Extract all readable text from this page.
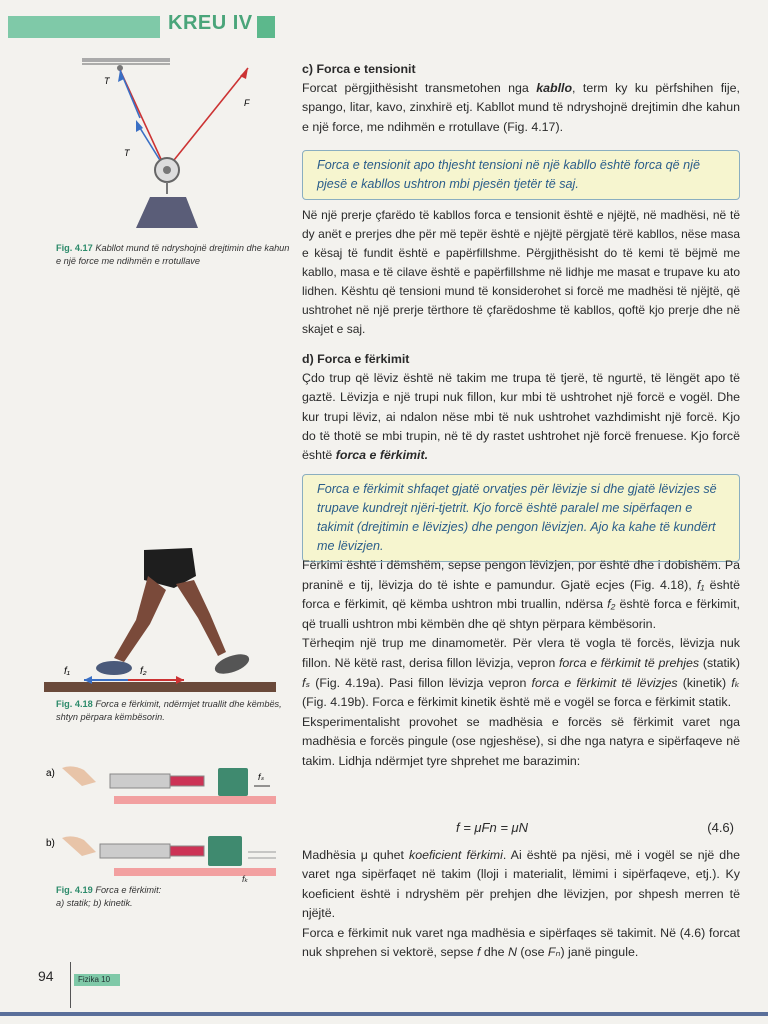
KREU IV
T
T
F
Fig. 4.17 Kabllot mund të ndryshojnë drejtimin dhe kahun e një force me ndihmën e rrotullave
f₁	f₂
Fig. 4.18 Forca e fërkimit, ndërmjet truallit dhe këmbës, shtyn përpara këmbësorin.
a)	fₛ
b)
Fig. 4.19 Forca e fërkimit:
a) statik; b) kinetik.
fₖ
c) Forca e tensionit

Forcat përgjithësisht transmetohen nga kabllo, term ky ku përfshihen fije, spango, litar, kavo, zinxhirë etj. Kabllot mund të ndryshojnë drejtimin dhe kahun e një force, me ndihmën e rrotullave (Fig. 4.17).

Forca e tensionit apo thjesht tensioni në një kabllo është forca që një pjesë e kabllos ushtron mbi pjesën tjetër të saj.
Në një prerje çfarëdo të kabllos forca e tensionit është e njëjtë, në madhësi, në të dy anët e prerjes dhe për më tepër është e njëjtë përgjatë tërë kabllos, nëse masa e kësaj të fundit është e papërfillshme. Përgjithësisht do të kemi të bëjmë me kabllo, masa e të cilave është e papërfillshme në lidhje me masat e trupave ku ato lidhen. Kështu që tensioni mund të konsiderohet si forcë me madhësi të njëjtë, që ushtrohet në një prerje tërthore të çfarëdoshme të kabllos, qoftë kjo prerje dhe në skajet e saj.
d) Forca e fërkimit

Çdo trup që lëviz është në takim me trupa të tjerë, të ngurtë, të lëngët apo të gaztë. Lëvizja e një trupi nuk fillon, kur mbi të ushtrohet një forcë e vogël. Dhe kur trupi lëviz, ai ndalon nëse mbi të nuk ushtrohet vazhdimisht një forcë. Kjo do të thotë se mbi trupin, në të dy rastet ushtrohet një forcë frenuese. Kjo forcë është forca e fërkimit.

Forca e fërkimit shfaqet gjatë orvatjes për lëvizje si dhe gjatë lëvizjes së trupave kundrejt njëri-tjetrit. Kjo forcë është paralel me sipërfaqen e takimit (drejtimin e lëvizjes) dhe pengon lëvizjen. Ajo ka kahe të kundërt me lëvizjen.

Fërkimi është i dëmshëm, sepse pengon lëvizjen, por është dhe i dobishëm. Pa praninë e tij, lëvizja do të ishte e pamundur. Gjatë ecjes (Fig. 4.18), f₁ është forca e fërkimit, që këmba ushtron mbi truallin, ndërsa f₂ është forca e fërkimit, që trualli ushtron mbi këmbën dhe që shtyn përpara këmbësorin.

Tërheqim një trup me dinamometër. Për vlera të vogla të forcës, lëvizja nuk fillon. Në këtë rast, derisa fillon lëvizja, vepron forca e fërkimit të prehjes (statik) fₛ (Fig. 4.19a). Pasi fillon lëvizja vepron forca e fërkimit të lëvizjes (kinetik) fₖ (Fig. 4.19b). Forca e fërkimit kinetik është më e vogël se forca e fërkimit statik.

Eksperimentalisht provohet se madhësia e forcës së fërkimit varet nga madhësia e forcës pingule (ose ngjeshëse), si dhe nga natyra e sipërfaqeve në takim. Lidhja ndërmjet tyre shprehet me barazimin:

f = μFn = μN	(4.6)

Madhësia μ quhet koeficient fërkimi. Ai është pa njësi, më i vogël se një dhe varet nga sipërfaqet në takim (lloji i materialit, lëmimi i sipërfaqeve, etj.). Ky koeficient është i ndryshëm për prehjen dhe lëvizjen, por shpesh merren të njëjtë.

Forca e fërkimit nuk varet nga madhësia e sipërfaqes së takimit. Në (4.6) forcat nuk shprehen si vektorë, sepse f dhe N (ose Fₙ) janë pingule.

94	Fizika 10
